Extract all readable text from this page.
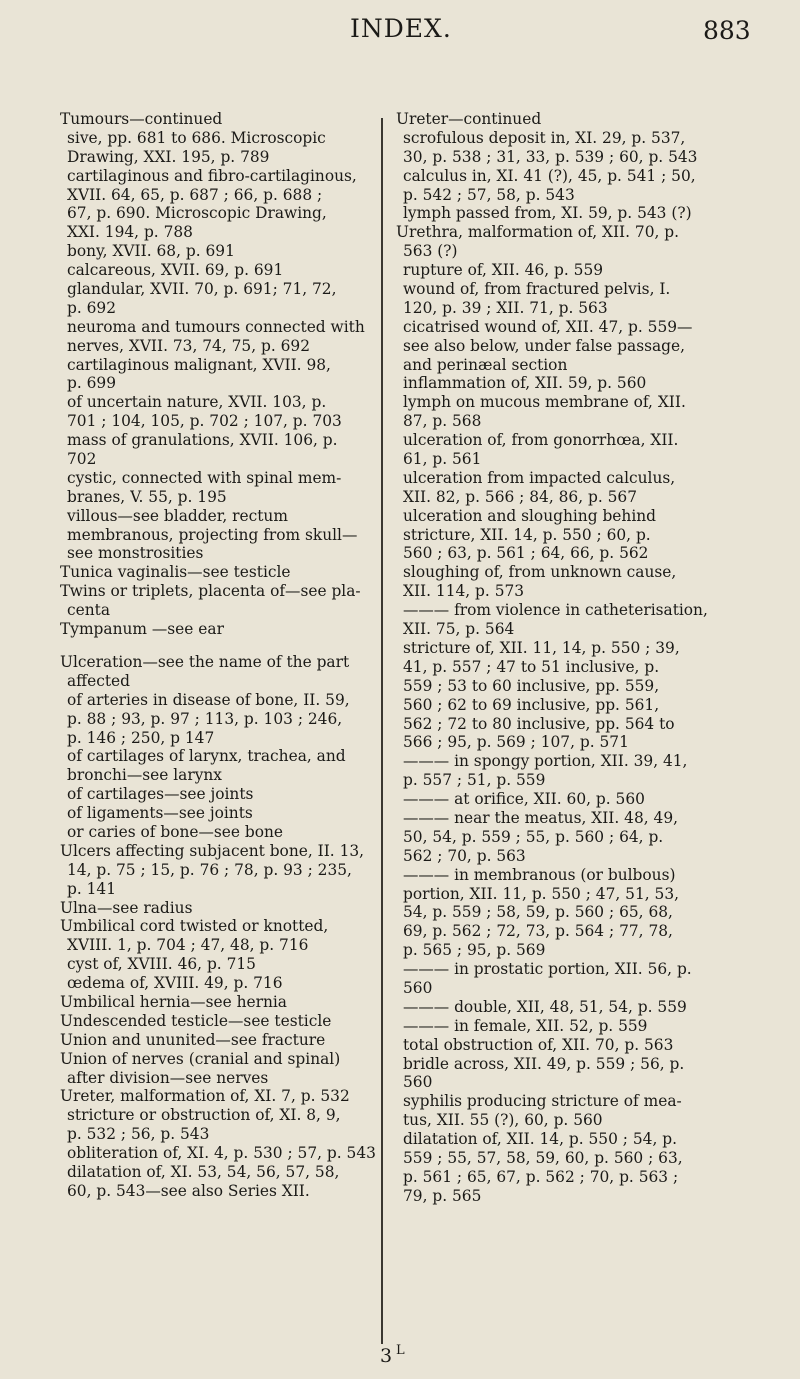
INDEX.	883
Tumours—continued
sive, pp. 681 to 686. Microscopic
Drawing, XXI. 195, p. 789
cartilaginous and fibro-cartilaginous,
XVII. 64, 65, p. 687 ; 66, p. 688 ;
67, p. 690. Microscopic Drawing,
XXI. 194, p. 788
bony, XVII. 68, p. 691
calcareous, XVII. 69, p. 691
glandular, XVII. 70, p. 691; 71, 72,
p. 692
neuroma and tumours connected with
nerves, XVII. 73, 74, 75, p. 692
cartilaginous malignant, XVII. 98,
p. 699
of uncertain nature, XVII. 103, p.
701 ; 104, 105, p. 702 ; 107, p. 703
mass of granulations, XVII. 106, p.
702
cystic, connected with spinal mem-
branes, V. 55, p. 195
villous—see bladder, rectum
membranous, projecting from skull—
see monstrosities
Tunica vaginalis—see testicle
Twins or triplets, placenta of—see pla-
centa
Tympanum —see ear
Ulceration—see the name of the part
affected
of arteries in disease of bone, II. 59,
p. 88 ; 93, p. 97 ; 113, p. 103 ; 246,
p. 146 ; 250, p 147
of cartilages of larynx, trachea, and
bronchi—see larynx
of cartilages—see joints
of ligaments—see joints
or caries of bone—see bone
Ulcers affecting subjacent bone, II. 13,
14, p. 75 ; 15, p. 76 ; 78, p. 93 ; 235,
p. 141
Ulna—see radius
Umbilical cord twisted or knotted,
XVIII. 1, p. 704 ; 47, 48, p. 716
cyst of, XVIII. 46, p. 715
œdema of, XVIII. 49, p. 716
Umbilical hernia—see hernia
Undescended testicle—see testicle
Union and ununited—see fracture
Union of nerves (cranial and spinal)
after division—see nerves
Ureter, malformation of, XI. 7, p. 532
stricture or obstruction of, XI. 8, 9,
p. 532 ; 56, p. 543
obliteration of, XI. 4, p. 530 ; 57, p. 543
dilatation of, XI. 53, 54, 56, 57, 58,
60, p. 543—see also Series XII.
Ureter—continued
scrofulous deposit in, XI. 29, p. 537,
30, p. 538 ; 31, 33, p. 539 ; 60, p. 543
calculus in, XI. 41 (?), 45, p. 541 ; 50,
p. 542 ; 57, 58, p. 543
lymph passed from, XI. 59, p. 543 (?)
Urethra, malformation of, XII. 70, p.
563 (?)
rupture of, XII. 46, p. 559
wound of, from fractured pelvis, I.
120, p. 39 ; XII. 71, p. 563
cicatrised wound of, XII. 47, p. 559—
see also below, under false passage,
and perinæal section
inflammation of, XII. 59, p. 560
lymph on mucous membrane of, XII.
87, p. 568
ulceration of, from gonorrhœa, XII.
61, p. 561
ulceration from impacted calculus,
XII. 82, p. 566 ; 84, 86, p. 567
ulceration and sloughing behind
stricture, XII. 14, p. 550 ; 60, p.
560 ; 63, p. 561 ; 64, 66, p. 562
sloughing of, from unknown cause,
XII. 114, p. 573
——— from violence in catheterisation,
XII. 75, p. 564
stricture of, XII. 11, 14, p. 550 ; 39,
41, p. 557 ; 47 to 51 inclusive, p.
559 ; 53 to 60 inclusive, pp. 559,
560 ; 62 to 69 inclusive, pp. 561,
562 ; 72 to 80 inclusive, pp. 564 to
566 ; 95, p. 569 ; 107, p. 571
——— in spongy portion, XII. 39, 41,
p. 557 ; 51, p. 559
——— at orifice, XII. 60, p. 560
——— near the meatus, XII. 48, 49,
50, 54, p. 559 ; 55, p. 560 ; 64, p.
562 ; 70, p. 563
——— in membranous (or bulbous)
portion, XII. 11, p. 550 ; 47, 51, 53,
54, p. 559 ; 58, 59, p. 560 ; 65, 68,
69, p. 562 ; 72, 73, p. 564 ; 77, 78,
p. 565 ; 95, p. 569
——— in prostatic portion, XII. 56, p.
560
——— double, XII, 48, 51, 54, p. 559
——— in female, XII. 52, p. 559
total obstruction of, XII. 70, p. 563
bridle across, XII. 49, p. 559 ; 56, p.
560
syphilis producing stricture of mea-
tus, XII. 55 (?), 60, p. 560
dilatation of, XII. 14, p. 550 ; 54, p.
559 ; 55, 57, 58, 59, 60, p. 560 ; 63,
p. 561 ; 65, 67, p. 562 ; 70, p. 563 ;
79, p. 565
3 L
